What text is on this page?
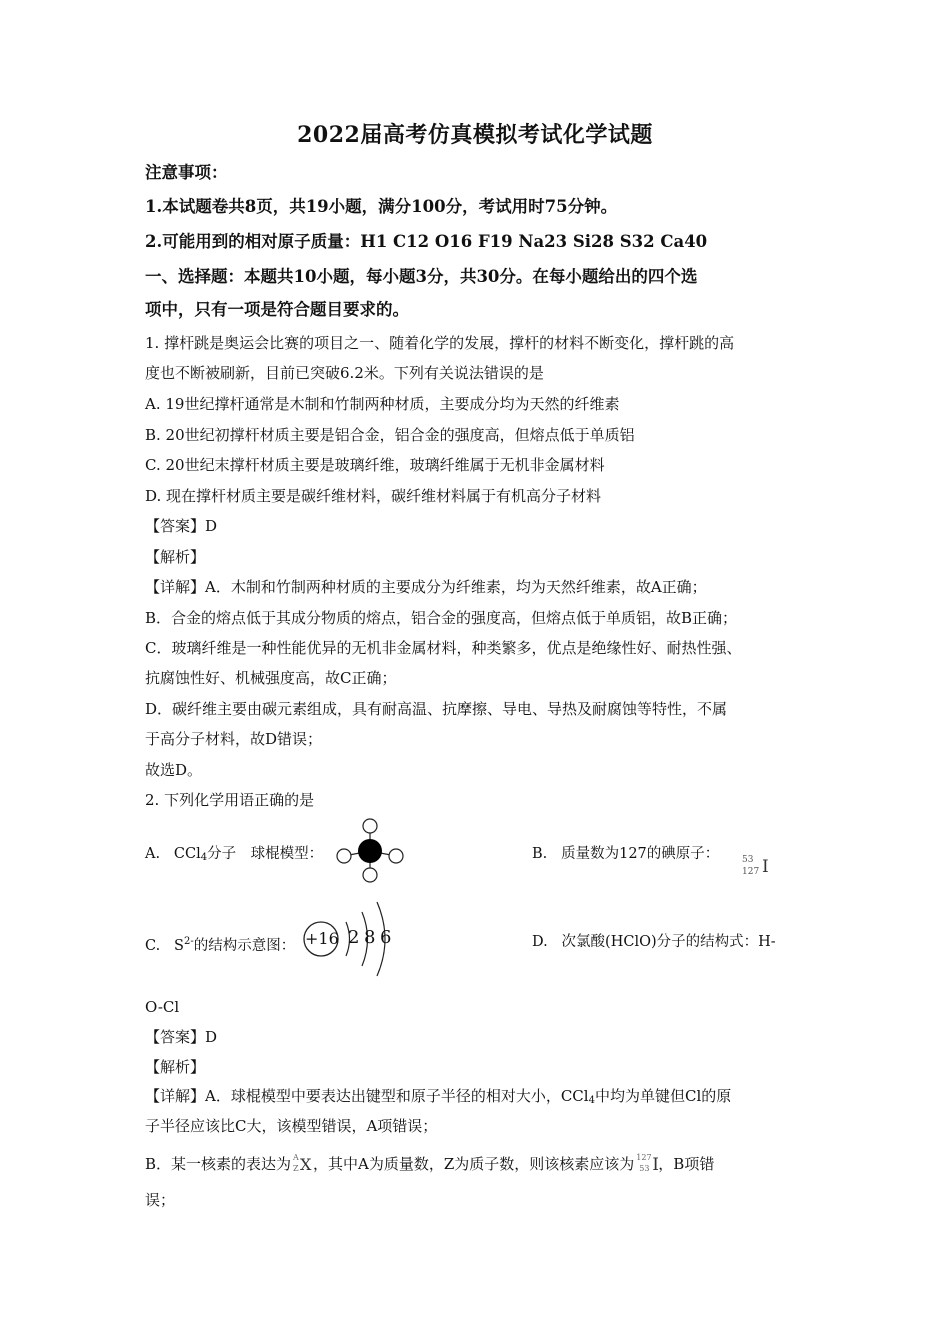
2022届高考仿真模拟考试化学试题
注意事项：
1.本试题卷共8页，共19小题，满分100分，考试用时75分钟。
2.可能用到的相对原子质量：H1 C12 O16 F19 Na23 Si28 S32 Ca40
一、选择题：本题共10小题，每小题3分，共30分。在每小题给出的四个选
项中，只有一项是符合题目要求的。
1. 撑杆跳是奥运会比赛的项目之一、随着化学的发展，撑杆的材料不断变化，撑杆跳的高
度也不断被刷新，目前已突破6.2米。下列有关说法错误的是
A. 19世纪撑杆通常是木制和竹制两种材质，主要成分均为天然的纤维素
B. 20世纪初撑杆材质主要是铝合金，铝合金的强度高，但熔点低于单质铝
C. 20世纪末撑杆材质主要是玻璃纤维，玻璃纤维属于无机非金属材料
D. 现在撑杆材质主要是碳纤维材料，碳纤维材料属于有机高分子材料
【答案】D
【解析】
【详解】A．木制和竹制两种材质的主要成分为纤维素，均为天然纤维素，故A正确；
B．合金的熔点低于其成分物质的熔点，铝合金的强度高，但熔点低于单质铝，故B正确；
C．玻璃纤维是一种性能优异的无机非金属材料，种类繁多，优点是绝缘性好、耐热性强、
抗腐蚀性好、机械强度高，故C正确；
D．碳纤维主要由碳元素组成，具有耐高温、抗摩擦、导电、导热及耐腐蚀等特性，不属
于高分子材料，故D错误；
故选D。
2. 下列化学用语正确的是
A. CCl$_4$分子　球棍模型：	B. 质量数为127的碘原子：	53
127 I
C. $S^{2-}$的结构示意图： +16 2 8 6	D. 次氯酸(HClO)分子的结构式：H-
O-Cl
【答案】D
【解析】
【详解】A．球棍模型中要表达出键型和原子半径的相对大小，CCl$_4$中均为单键但Cl的原
子半径应该比C大，该模型错误，A项错误；
B．某一核素的表达为 A
Z X ，其中A为质量数，Z为质子数，则该核素应该为 127
53 I ，B项错
误；
